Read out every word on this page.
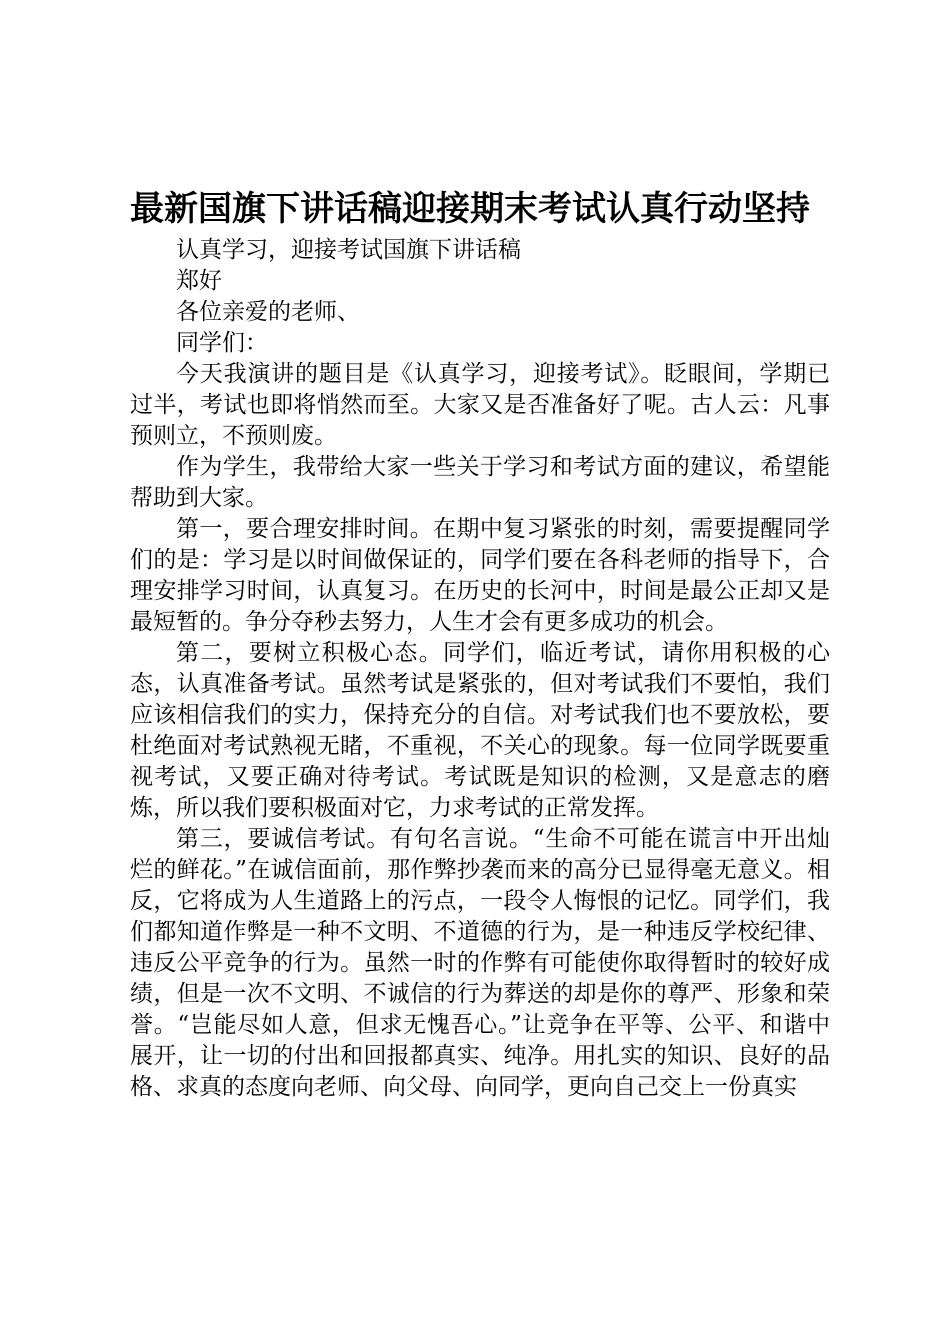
最新国旗下讲话稿迎接期末考试认真行动坚持

认真学习，迎接考试国旗下讲话稿

郑好

各位亲爱的老师、

同学们：

今天我演讲的题目是《认真学习，迎接考试》。眨眼间，学期已过半，考试也即将悄然而至。大家又是否准备好了呢。古人云：凡事预则立，不预则废。

作为学生，我带给大家一些关于学习和考试方面的建议，希望能帮助到大家。

第一，要合理安排时间。在期中复习紧张的时刻，需要提醒同学们的是：学习是以时间做保证的，同学们要在各科老师的指导下，合理安排学习时间，认真复习。在历史的长河中，时间是最公正却又是最短暂的。争分夺秒去努力，人生才会有更多成功的机会。

第二，要树立积极心态。同学们，临近考试，请你用积极的心态，认真准备考试。虽然考试是紧张的，但对考试我们不要怕，我们应该相信我们的实力，保持充分的自信。对考试我们也不要放松，要杜绝面对考试熟视无睹，不重视，不关心的现象。每一位同学既要重视考试，又要正确对待考试。考试既是知识的检测，又是意志的磨炼，所以我们要积极面对它，力求考试的正常发挥。

第三，要诚信考试。有句名言说。“生命不可能在谎言中开出灿烂的鲜花。”在诚信面前，那作弊抄袭而来的高分已显得毫无意义。相反，它将成为人生道路上的污点，一段令人悔恨的记忆。同学们，我们都知道作弊是一种不文明、不道德的行为，是一种违反学校纪律、违反公平竞争的行为。虽然一时的作弊有可能使你取得暂时的较好成绩，但是一次不文明、不诚信的行为葬送的却是你的尊严、形象和荣誉。“岂能尽如人意，但求无愧吾心。”让竞争在平等、公平、和谐中展开，让一切的付出和回报都真实、纯净。用扎实的知识、良好的品格、求真的态度向老师、向父母、向同学，更向自己交上一份真实
